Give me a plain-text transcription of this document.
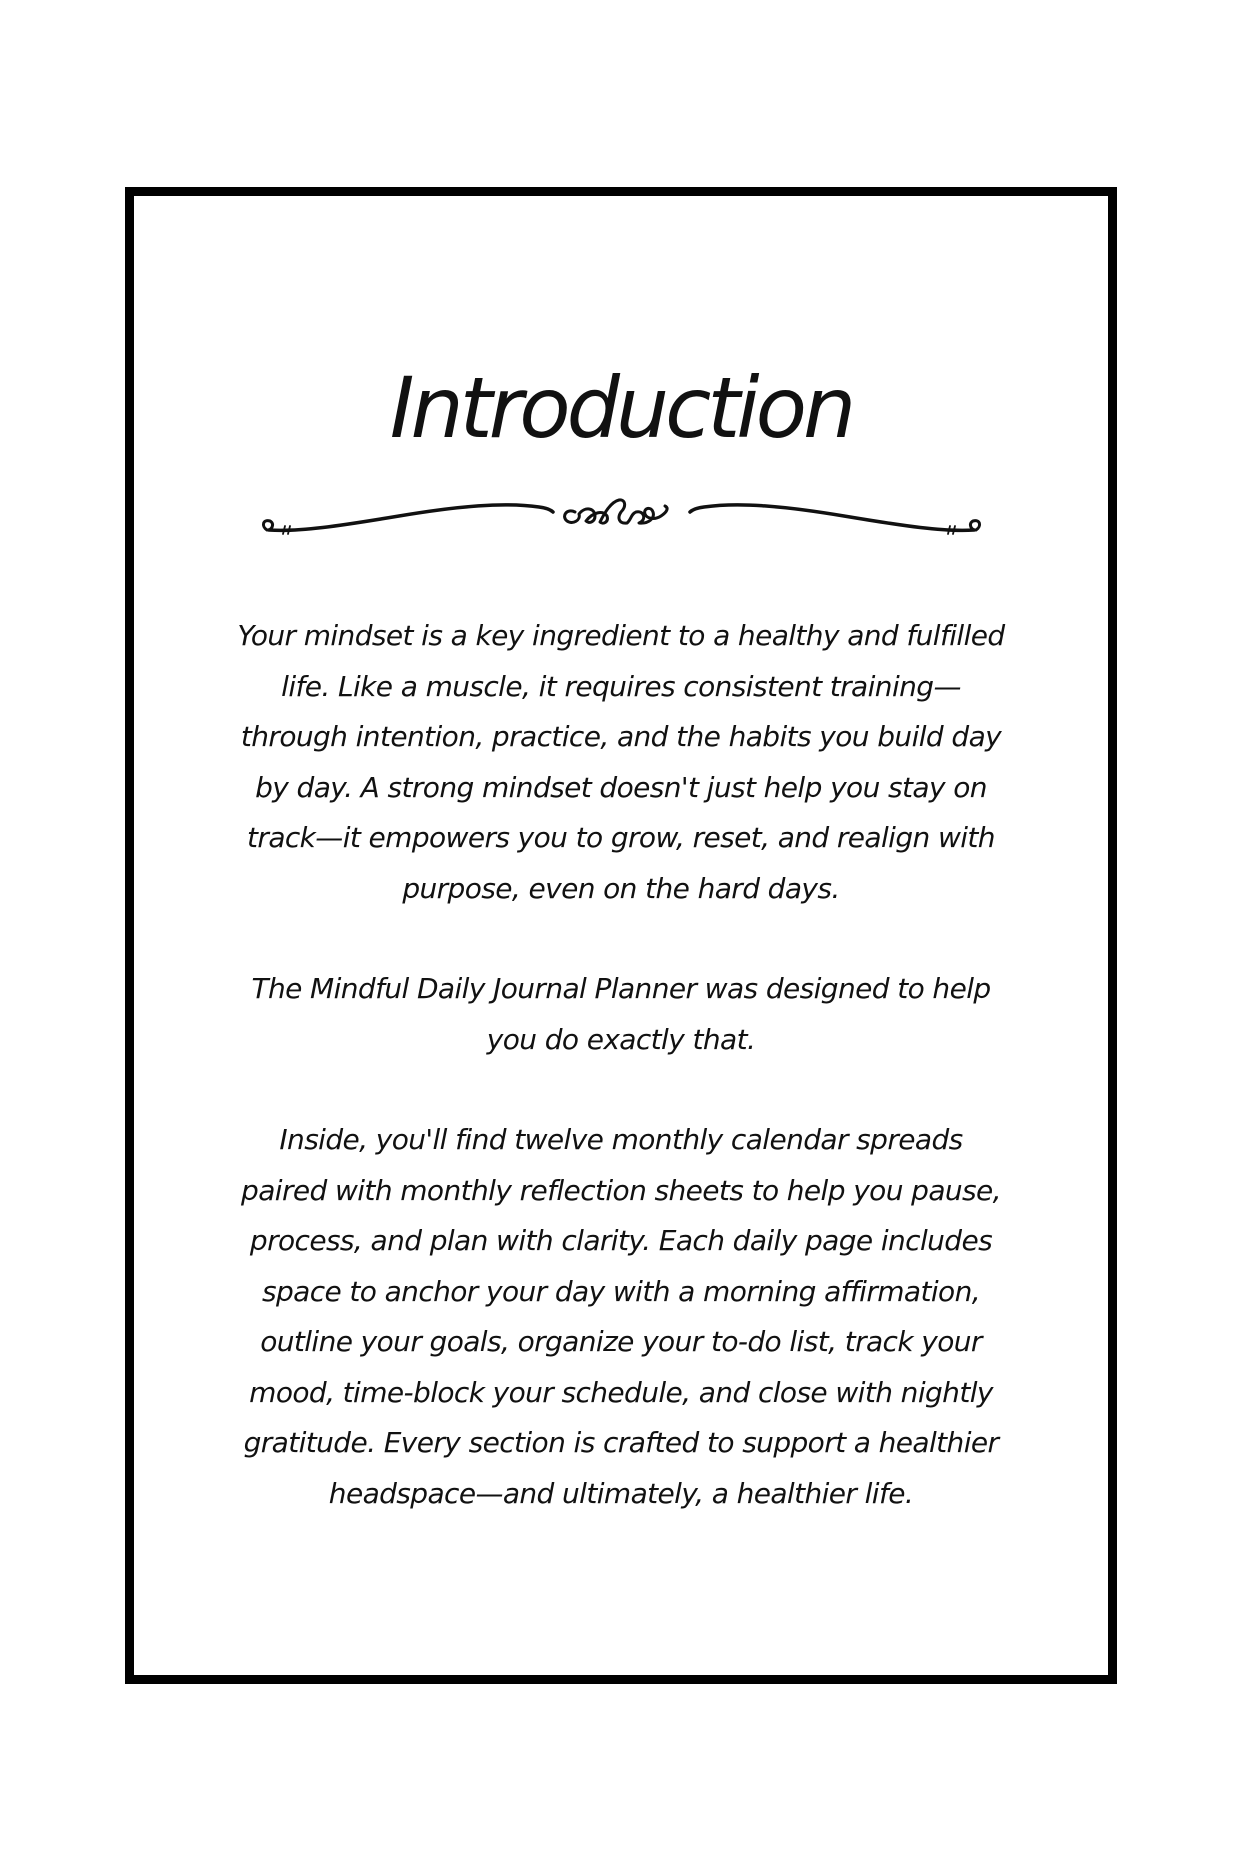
Introduction

Your mindset is a key ingredient to a healthy and fulfilled life. Like a muscle, it requires consistent training—through intention, practice, and the habits you build day by day. A strong mindset doesn't just help you stay on track—it empowers you to grow, reset, and realign with purpose, even on the hard days.

The Mindful Daily Journal Planner was designed to help you do exactly that.

Inside, you'll find twelve monthly calendar spreads paired with monthly reflection sheets to help you pause, process, and plan with clarity. Each daily page includes space to anchor your day with a morning affirmation, outline your goals, organize your to-do list, track your mood, time-block your schedule, and close with nightly gratitude. Every section is crafted to support a healthier headspace—and ultimately, a healthier life.
